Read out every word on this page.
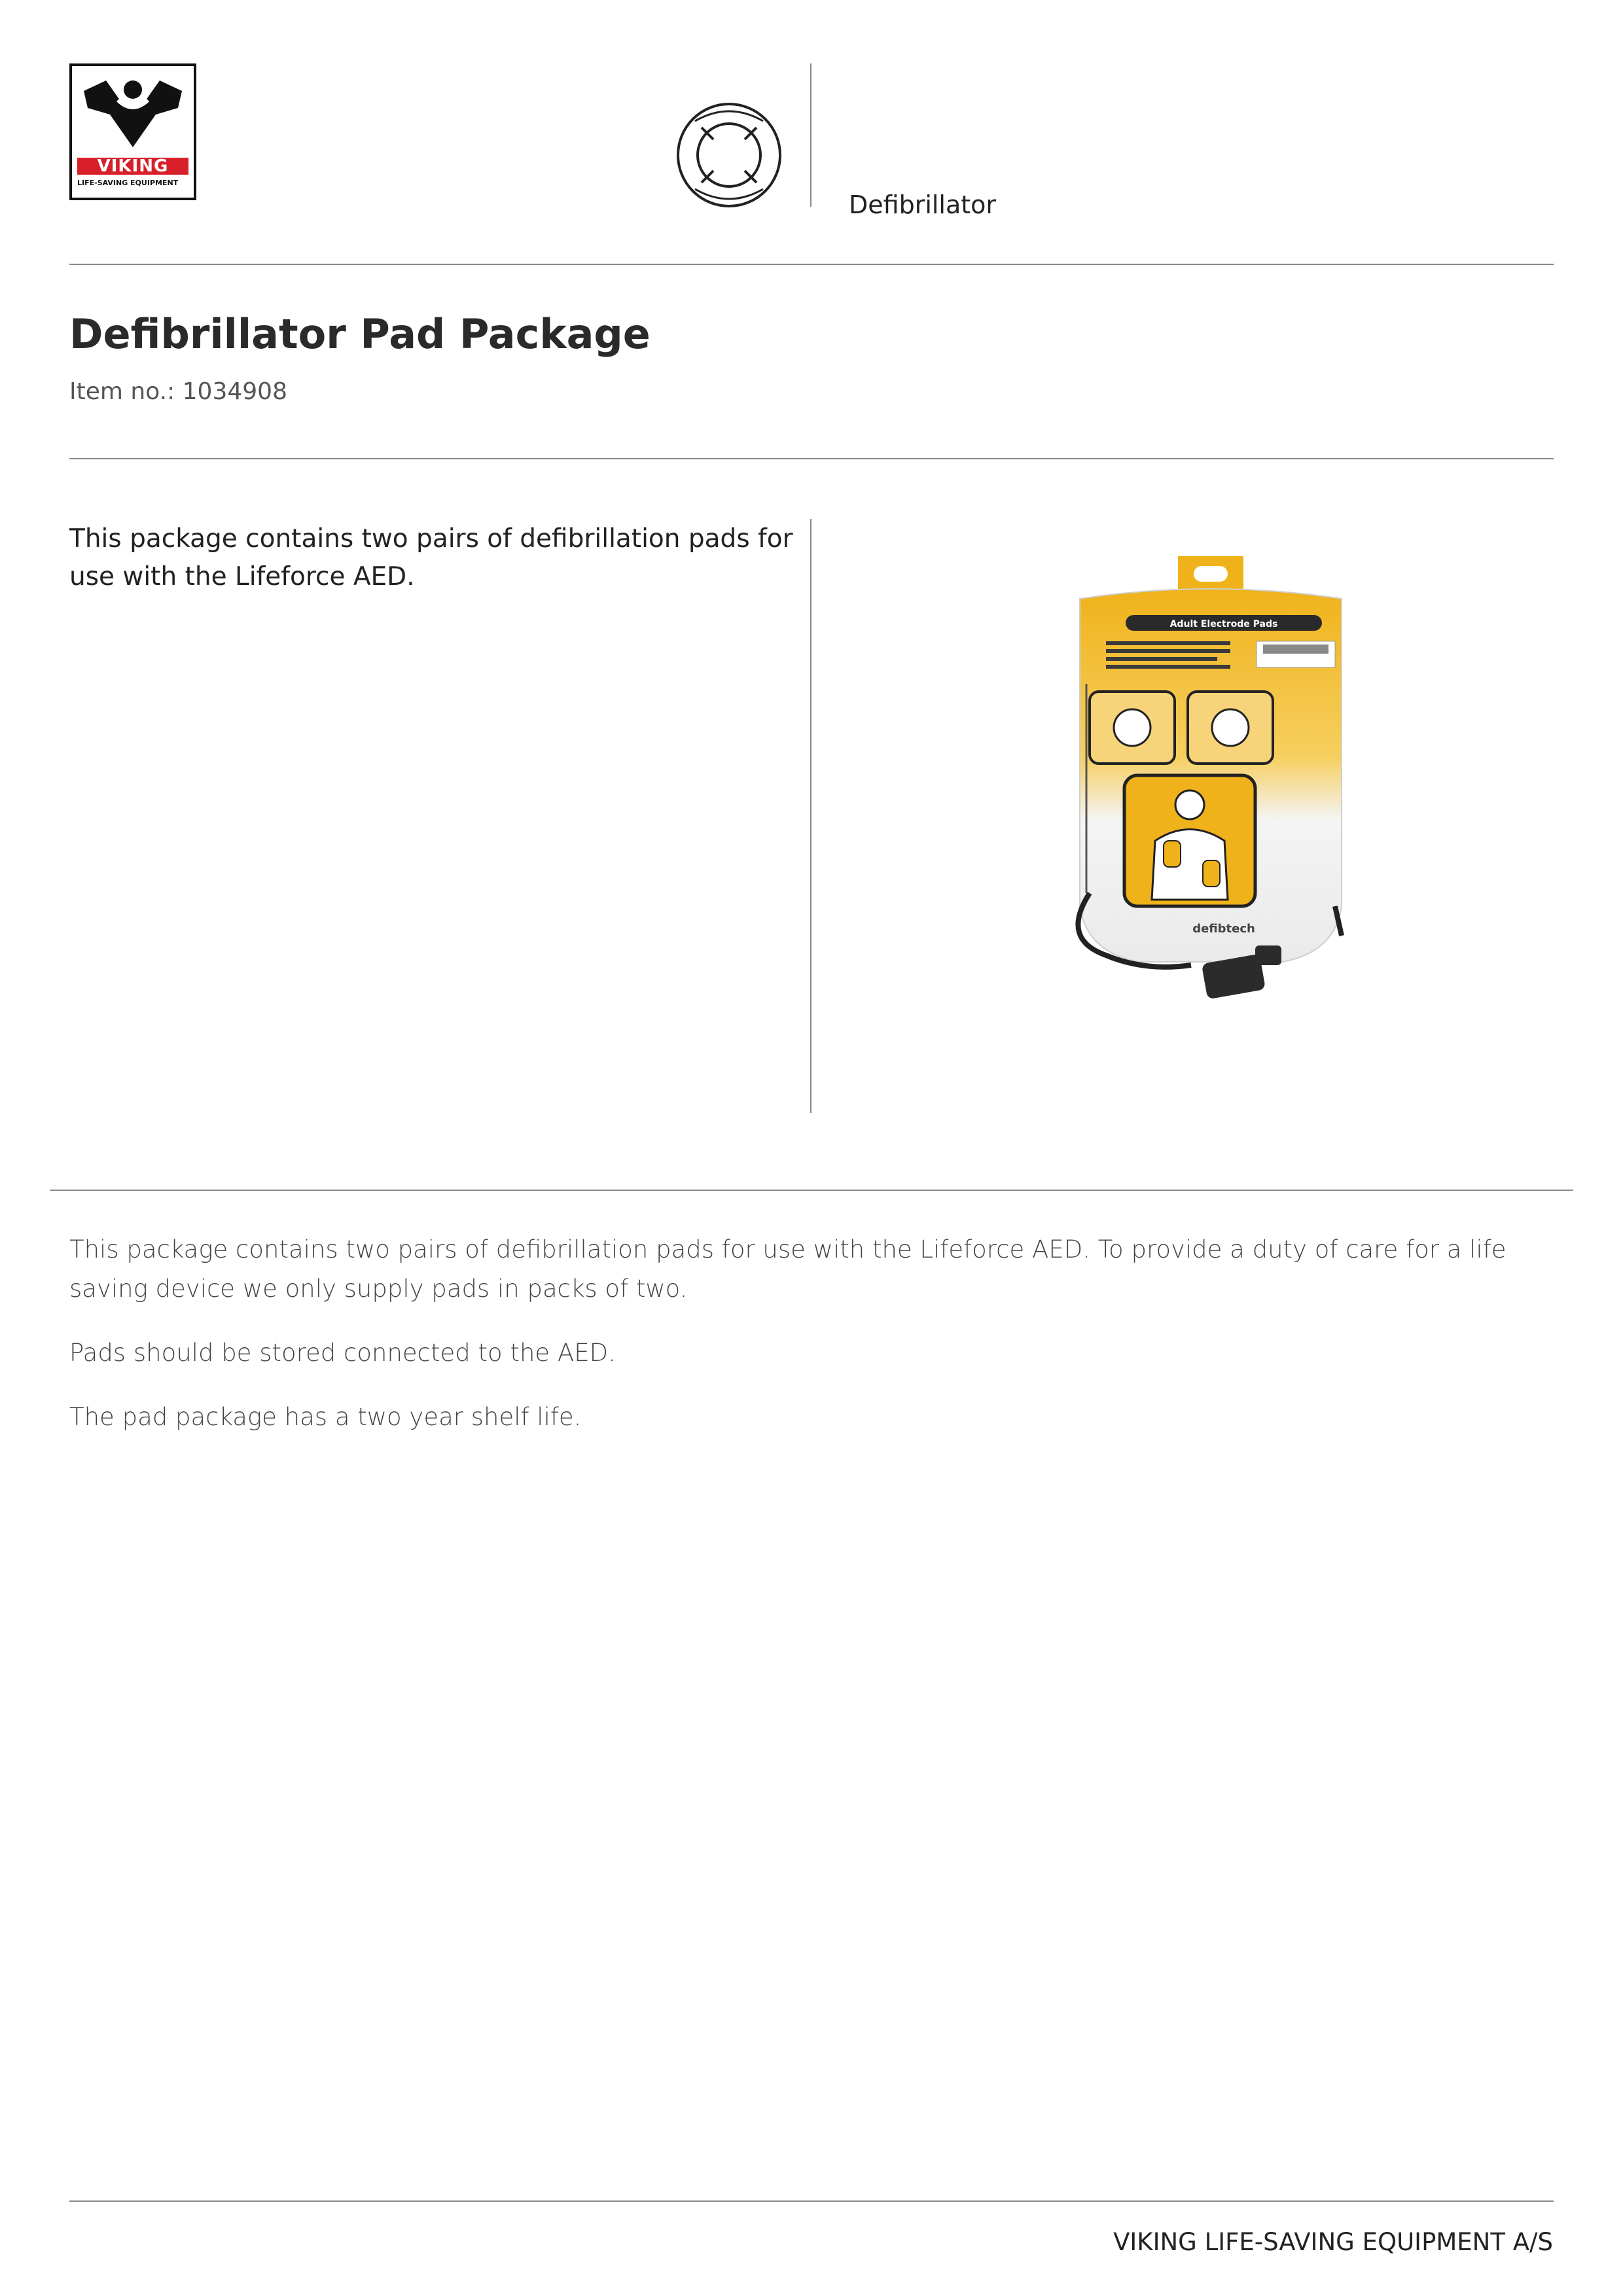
VIKING
LIFE-SAVING EQUIPMENT
Defibrillator
Defibrillator Pad Package
Item no.: 1034908
This package contains two pairs of defibrillation pads for use with the Lifeforce AED.
Adult Electrode Pads
defibtech

This package contains two pairs of defibrillation pads for use with the Lifeforce AED. To provide a duty of care for a life saving device we only supply pads in packs of two.

Pads should be stored connected to the AED.

The pad package has a two year shelf life.

VIKING LIFE-SAVING EQUIPMENT A/S
